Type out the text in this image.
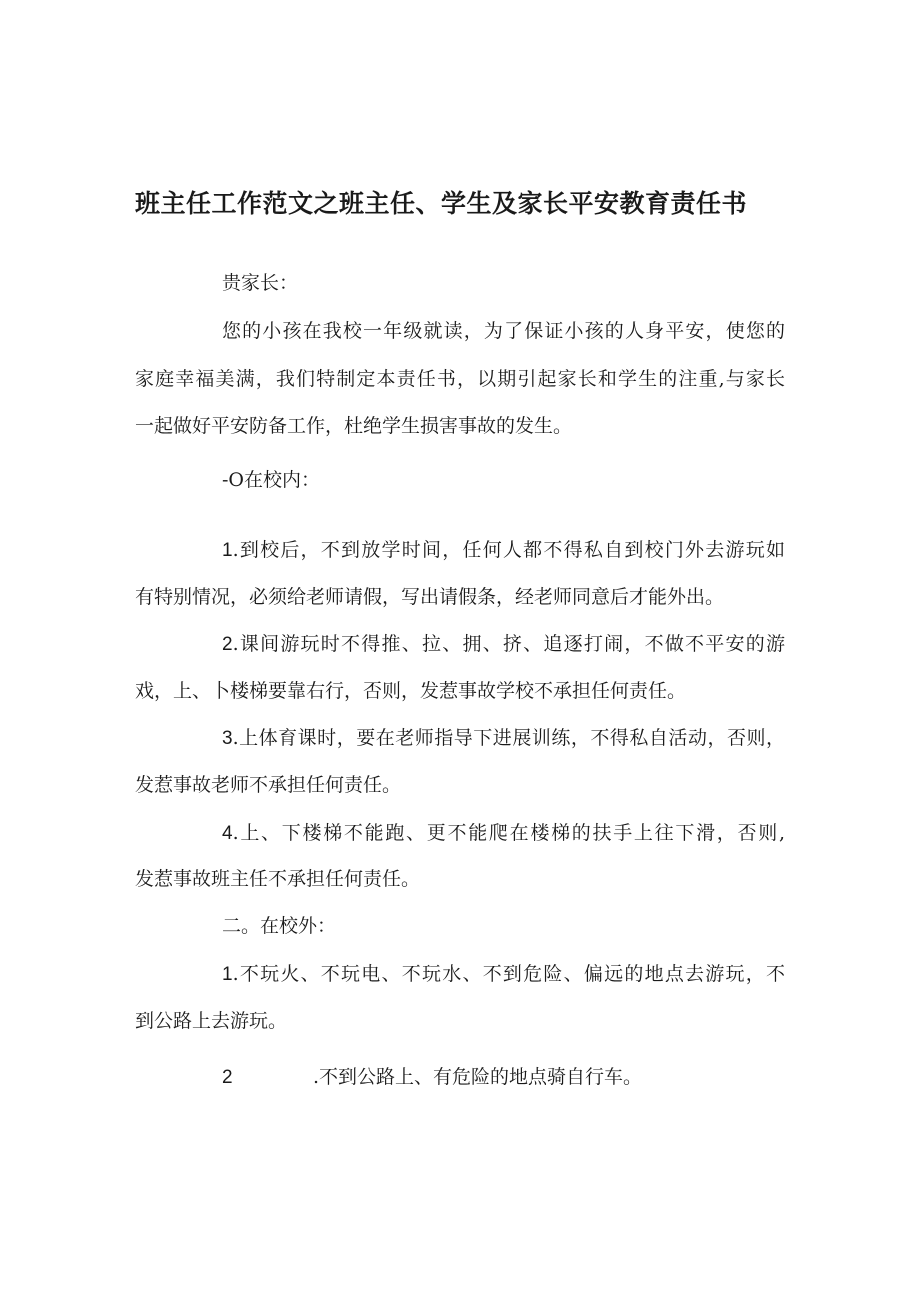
班主任工作范文之班主任、学生及家长平安教育责任书

贵家长：

您的小孩在我校一年级就读，为了保证小孩的人身平安，使您的

家庭幸福美满，我们特制定本责任书，以期引起家长和学生的注重,与家长

一起做好平安防备工作，杜绝学生损害事故的发生。

-O在校内：

1.到校后，不到放学时间，任何人都不得私自到校门外去游玩如

有特别情况，必须给老师请假，写出请假条，经老师同意后才能外出。

2.课间游玩时不得推、拉、拥、挤、追逐打闹，不做不平安的游

戏，上、卜楼梯要靠右行，否则，发惹事故学校不承担任何责任。

3.上体育课时，要在老师指导下进展训练，不得私自活动，否则，

发惹事故老师不承担任何责任。

4.上、下楼梯不能跑、更不能爬在楼梯的扶手上往下滑，否则,

发惹事故班主任不承担任何责任。

二。在校外：

1.不玩火、不玩电、不玩水、不到危险、偏远的地点去游玩，不

到公路上去游玩。

2	.不到公路上、有危险的地点骑自行车。
